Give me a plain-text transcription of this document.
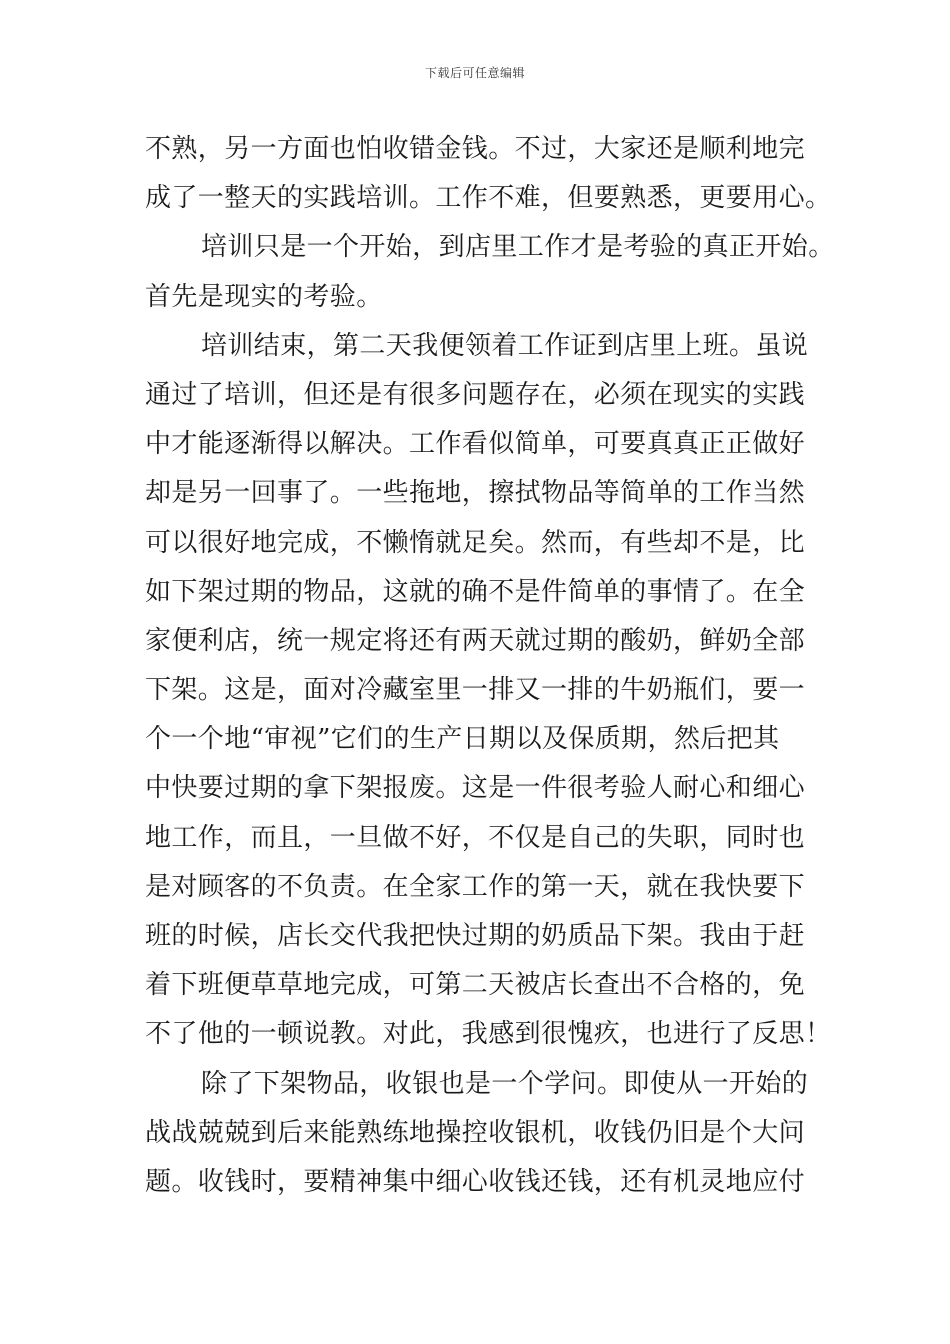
下载后可任意编辑
不熟，另一方面也怕收错金钱。不过，大家还是顺利地完
成了一整天的实践培训。工作不难，但要熟悉，更要用心。
培训只是一个开始，到店里工作才是考验的真正开始。
首先是现实的考验。
培训结束，第二天我便领着工作证到店里上班。虽说
通过了培训，但还是有很多问题存在，必须在现实的实践
中才能逐渐得以解决。工作看似简单，可要真真正正做好
却是另一回事了。一些拖地，擦拭物品等简单的工作当然
可以很好地完成，不懒惰就足矣。然而，有些却不是，比
如下架过期的物品，这就的确不是件简单的事情了。在全
家便利店，统一规定将还有两天就过期的酸奶，鲜奶全部
下架。这是，面对冷藏室里一排又一排的牛奶瓶们，要一
个一个地“审视”它们的生产日期以及保质期，然后把其
中快要过期的拿下架报废。这是一件很考验人耐心和细心
地工作，而且，一旦做不好，不仅是自己的失职，同时也
是对顾客的不负责。在全家工作的第一天，就在我快要下
班的时候，店长交代我把快过期的奶质品下架。我由于赶
着下班便草草地完成，可第二天被店长查出不合格的，免
不了他的一顿说教。对此，我感到很愧疚，也进行了反思！
除了下架物品，收银也是一个学问。即使从一开始的
战战兢兢到后来能熟练地操控收银机，收钱仍旧是个大问
题。收钱时，要精神集中细心收钱还钱，还有机灵地应付
